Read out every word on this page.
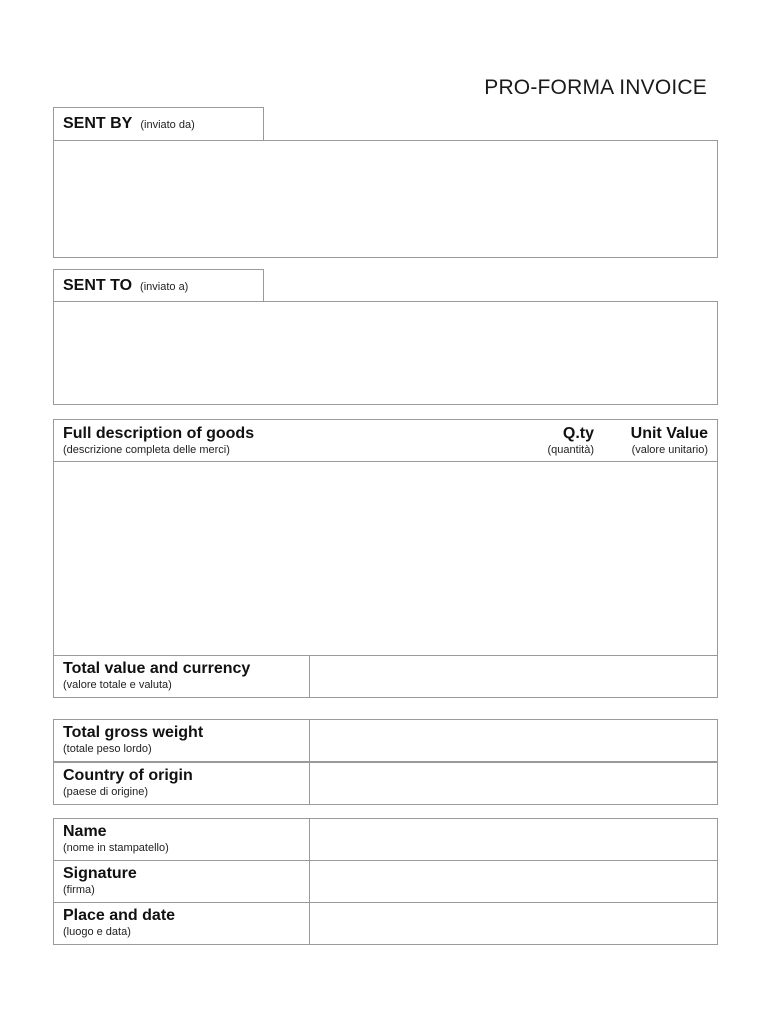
PRO-FORMA INVOICE
SENT BY (inviato da)
SENT TO (inviato a)
Full description of goods
(descrizione completa delle merci)
Q.ty
(quantità)
Unit Value
(valore unitario)
Total value and currency
(valore totale e valuta)
Total gross weight
(totale peso lordo)
Country of origin
(paese di origine)
Name
(nome in stampatello)
Signature
(firma)
Place and date
(luogo e data)
